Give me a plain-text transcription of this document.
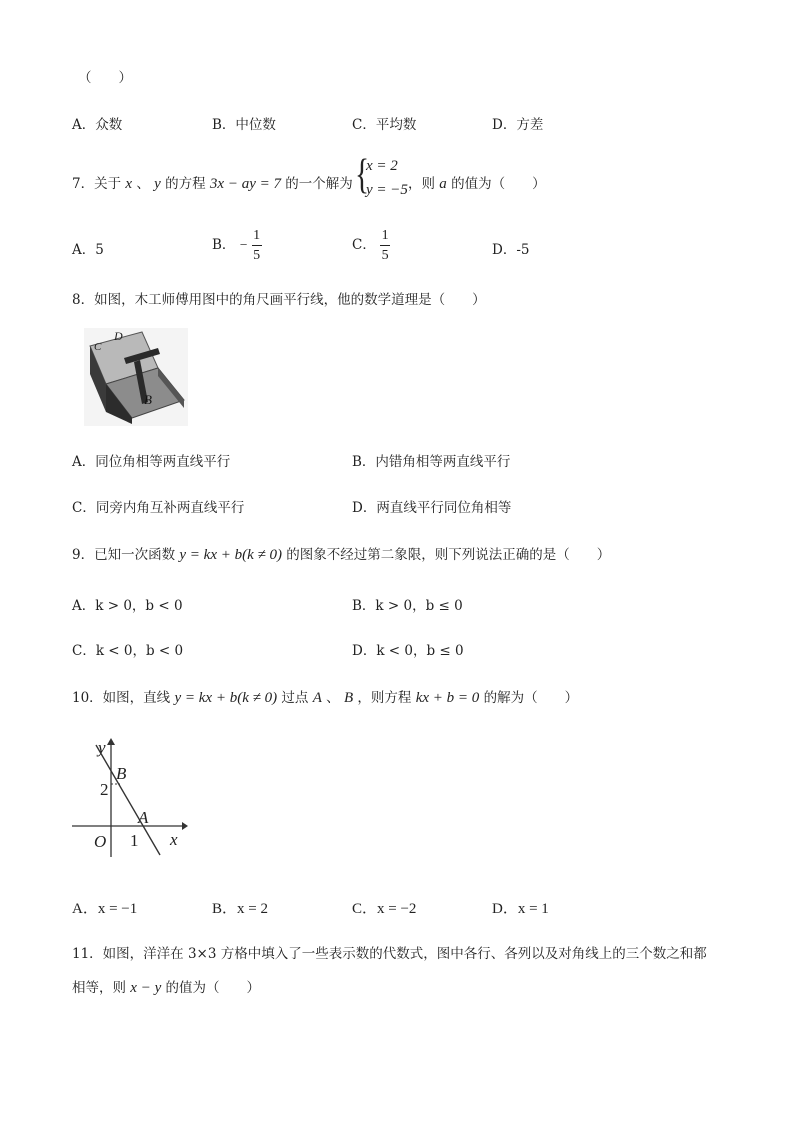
（　　）
A．众数	B．中位数	C．平均数	D．方差
7．关于 x 、 y 的方程 3x − ay = 7 的一个解为 {
x = 2
y = −5 ，则 a 的值为（　　）
A．5	B． − $\frac{1}{5}$	C． $\frac{1}{5}$	D．-5
8．如图，木工师傅用图中的角尺画平行线，他的数学道理是（　　）
C
D
B
A．同位角相等两直线平行	B．内错角相等两直线平行
C．同旁内角互补两直线平行	D．两直线平行同位角相等
9．已知一次函数 y = kx + b(k ≠ 0) 的图象不经过第二象限，则下列说法正确的是（　　）
A．k > 0，b < 0	B．k > 0，b ≤ 0
C．k < 0，b < 0	D．k < 0，b ≤ 0
10．如图，直线 y = kx + b(k ≠ 0) 过点 A 、 B ，则方程 kx + b = 0 的解为（　　）
y
B
2
A
O 1 x
A．x = −1	B．x = 2	C．x = −2	D．x = 1
11．如图，洋洋在 3×3 方格中填入了一些表示数的代数式，图中各行、各列以及对角线上的三个数之和都
相等，则 x − y 的值为（　　）
